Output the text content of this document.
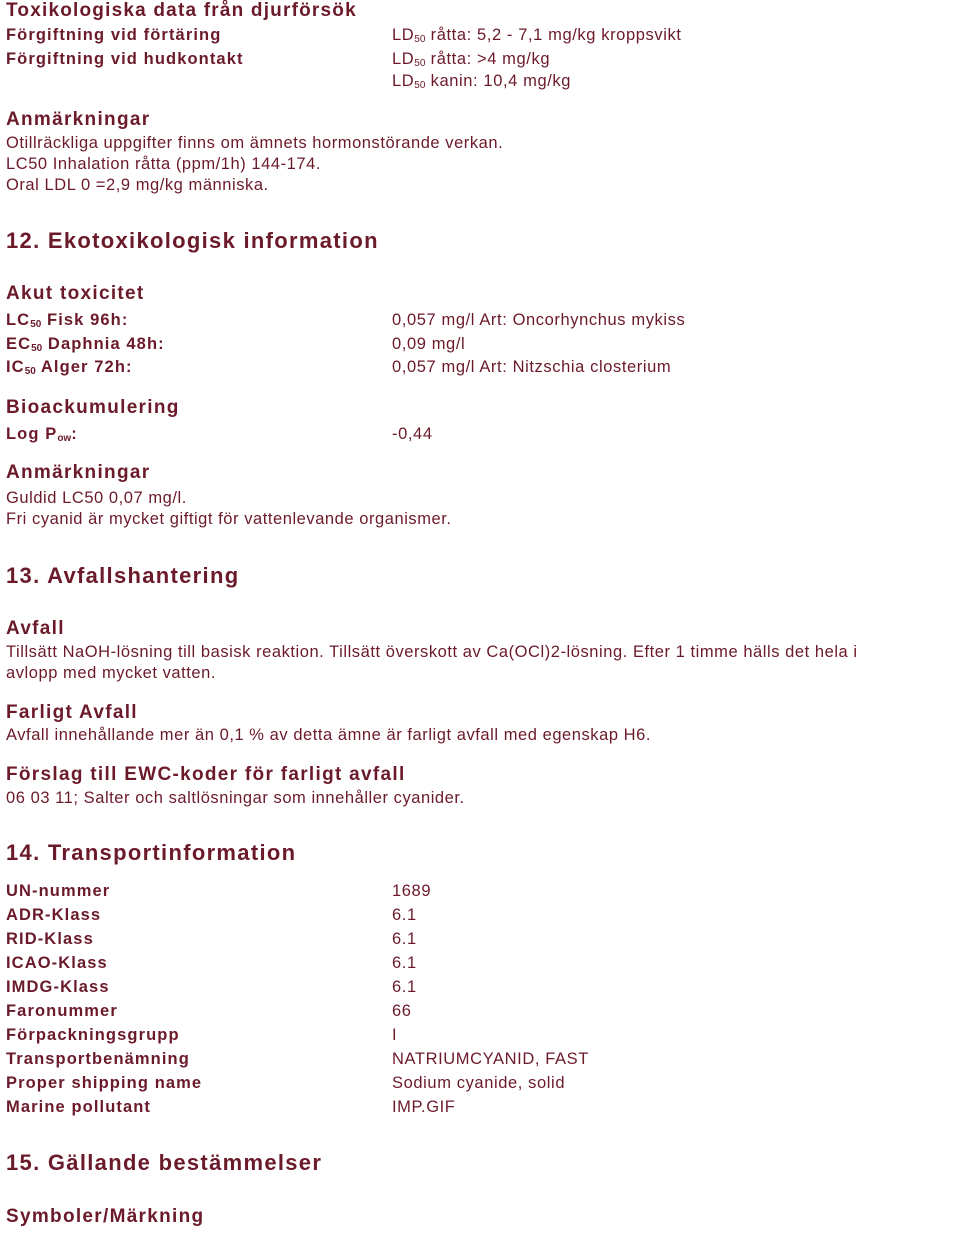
Toxikologiska data från djurförsök
Förgiftning vid förtäring	$LD_{50}$ råtta: 5,2 - 7,1 mg/kg kroppsvikt
Förgiftning vid hudkontakt	$LD_{50}$ råtta: >4 mg/kg
$LD_{50}$ kanin: 10,4 mg/kg
Anmärkningar
Otillräckliga uppgifter finns om ämnets hormonstörande verkan.
LC50 Inhalation råtta (ppm/1h) 144-174.
Oral LDL 0 =2,9 mg/kg människa.
12. Ekotoxikologisk information
Akut toxicitet
$LC_{50}$ Fisk 96h:	0,057 mg/l Art: Oncorhynchus mykiss
$EC_{50}$ Daphnia 48h:	0,09 mg/l
$IC_{50}$ Alger 72h:	0,057 mg/l Art: Nitzschia closterium
Bioackumulering
Log $P_{ow}$:	-0,44
Anmärkningar
Guldid LC50 0,07 mg/l.
Fri cyanid är mycket giftigt för vattenlevande organismer.
13. Avfallshantering
Avfall
Tillsätt NaOH-lösning till basisk reaktion. Tillsätt överskott av Ca(OCl)2-lösning. Efter 1 timme hälls det hela i
avlopp med mycket vatten.
Farligt Avfall
Avfall innehållande mer än 0,1 % av detta ämne är farligt avfall med egenskap H6.
Förslag till EWC-koder för farligt avfall
06 03 11; Salter och saltlösningar som innehåller cyanider.
14. Transportinformation
UN-nummer	1689
ADR-Klass	6.1
RID-Klass	6.1
ICAO-Klass	6.1
IMDG-Klass	6.1
Faronummer	66
Förpackningsgrupp	I
Transportbenämning	NATRIUMCYANID, FAST
Proper shipping name	Sodium cyanide, solid
Marine pollutant	IMP.GIF
15. Gällande bestämmelser
Symboler/Märkning
